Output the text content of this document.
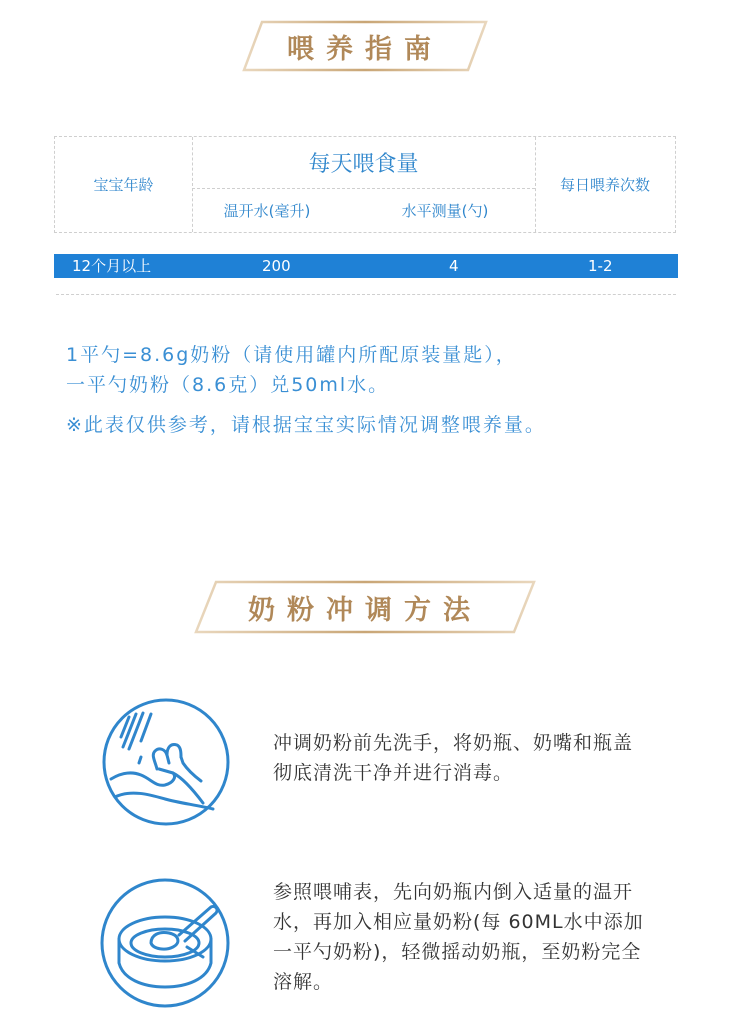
喂养指南
宝宝年龄
每天喂食量
温开水(毫升)	水平测量(勺)
每日喂养次数
12个月以上	200	4	1-2
1平勺=8.6g奶粉（请使用罐内所配原装量匙），
一平勺奶粉（8.6克）兑50ml水。
※此表仅供参考，请根据宝宝实际情况调整喂养量。
奶粉冲调方法
冲调奶粉前先洗手，将奶瓶、奶嘴和瓶盖彻底清洗干净并进行消毒。
参照喂哺表，先向奶瓶内倒入适量的温开水，再加入相应量奶粉(每 60ML水中添加一平勺奶粉)，轻微摇动奶瓶，至奶粉完全溶解。
